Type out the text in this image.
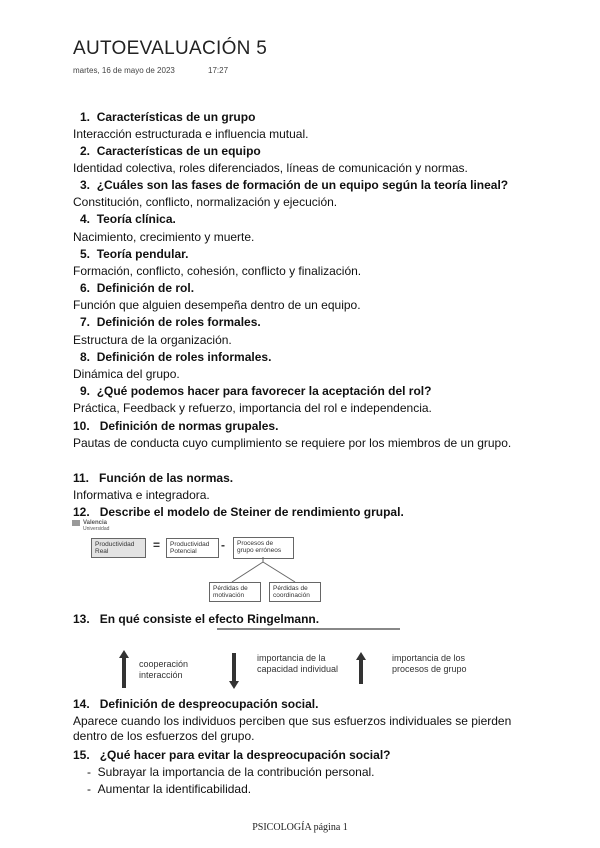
AUTOEVALUACIÓN 5
martes, 16 de mayo de 2023	17:27
1. Características de un grupo
Interacción estructurada e influencia mutual.
2. Características de un equipo
Identidad colectiva, roles diferenciados, líneas de comunicación y normas.
3. ¿Cuáles son las fases de formación de un equipo según la teoría lineal?
Constitución, conflicto, normalización y ejecución.
4. Teoría clínica.
Nacimiento, crecimiento y muerte.
5. Teoría pendular.
Formación, conflicto, cohesión, conflicto y finalización.
6. Definición de rol.
Función que alguien desempeña dentro de un equipo.
7. Definición de roles formales.
Estructura de la organización.
8. Definición de roles informales.
Dinámica del grupo.
9. ¿Qué podemos hacer para favorecer la aceptación del rol?
Práctica, Feedback y refuerzo, importancia del rol e independencia.
10. Definición de normas grupales.
Pautas de conducta cuyo cumplimiento se requiere por los miembros de un grupo.
11. Función de las normas.
Informativa e integradora.
12. Describe el modelo de Steiner de rendimiento grupal.
Valencia
Universidad
Productividad Real	=	Productividad Potencial	-	Procesos de grupo erróneos
Pérdidas de motivación
Pérdidas de coordinación
13. En qué consiste el efecto Ringelmann.
cooperación
interacción
importancia de la
capacidad individual
importancia de los
procesos de grupo
14. Definición de despreocupación social.
Aparece cuando los individuos perciben que sus esfuerzos individuales se pierden dentro de los esfuerzos del grupo.
15. ¿Qué hacer para evitar la despreocupación social?
-  Subrayar la importancia de la contribución personal.
-  Aumentar la identificabilidad.
PSICOLOGÍA página 1
